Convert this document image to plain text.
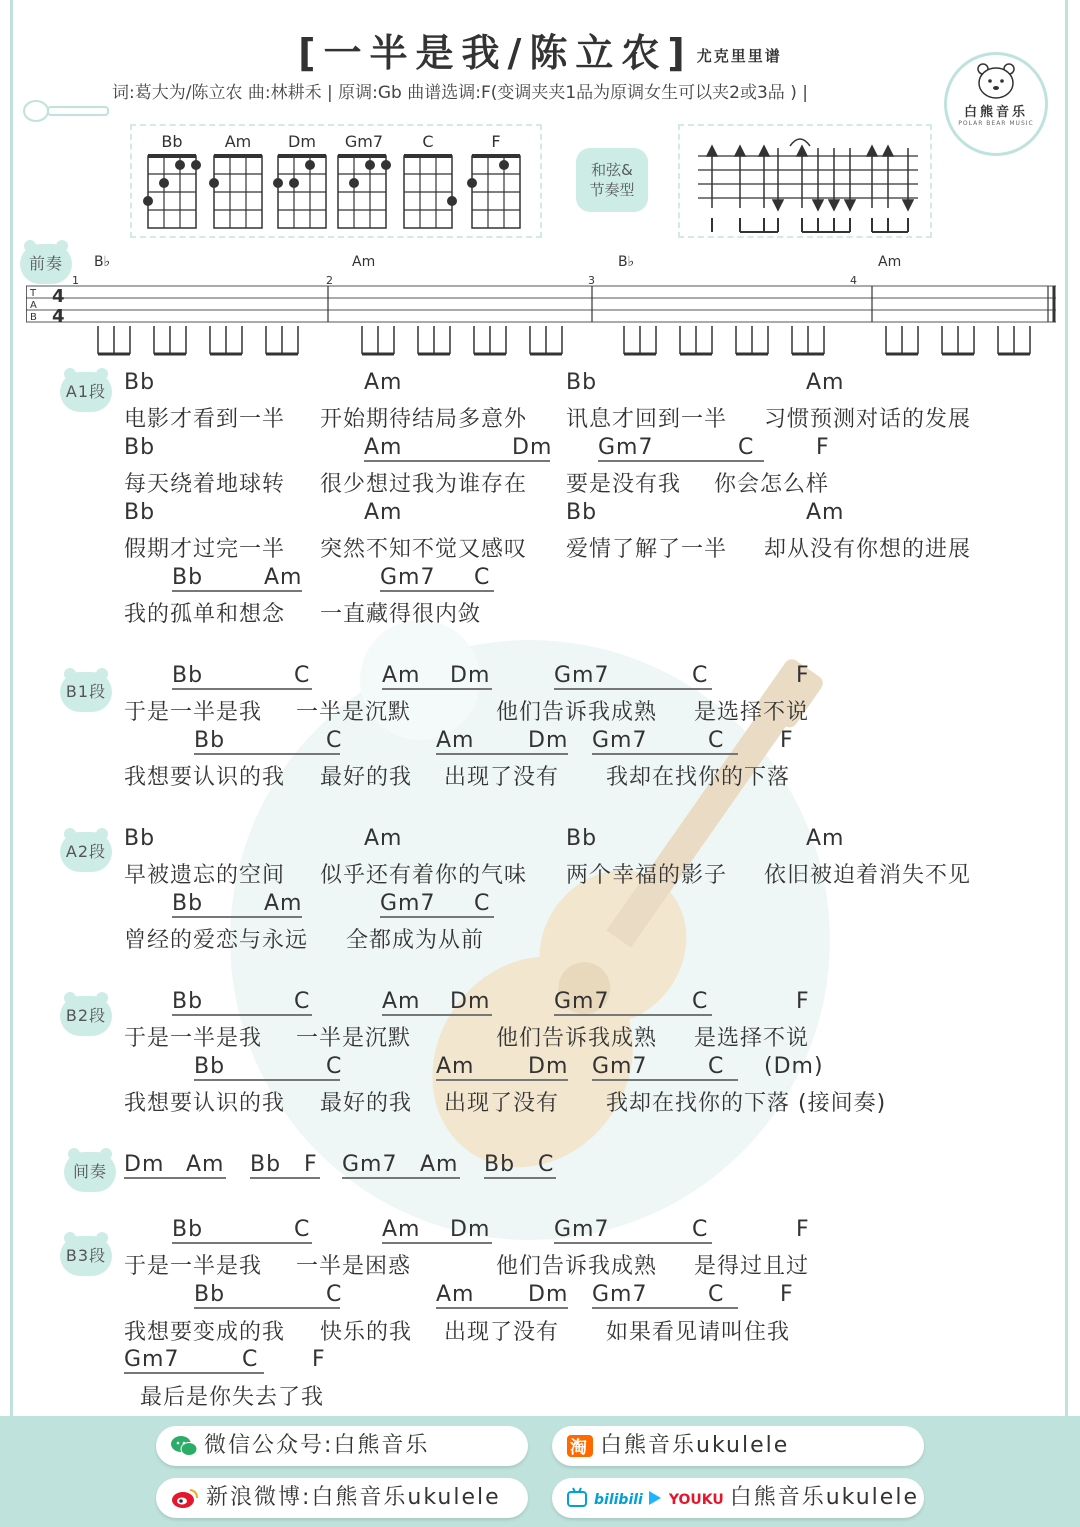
[一半是我/陈立农] 尤克里里谱
词:葛大为/陈立农 曲:林耕禾 | 原调:Gb 曲谱选调:F(变调夹夹1品为原调女生可以夹2或3品 ) |
白熊音乐
POLAR BEAR MUSIC
Bb	Am	Dm	Gm7	C	F
和弦&
节奏型
前奏
T
A
B
4
4
1	2	3	4
B♭	Am	B♭	Am
A1段
B1段
A2段
B2段
间奏
B3段
Bb	Am	Bb	Am
电影才看到一半 开始期待结局多意外 讯息才回到一半 习惯预测对话的发展
Bb	Am	Dm Gm7	C	F
每天绕着地球转 很少想过我为谁存在 要是没有我 你会怎么样
Bb	Am	Bb	Am
假期才过完一半 突然不知不觉又感叹 爱情了解了一半 却从没有你想的进展
Bb	Am	Gm7 C
我的孤单和想念 一直藏得很内敛
Bb	C	Am Dm	Gm7	C	F
于是一半是我 一半是沉默	他们告诉我成熟 是选择不说
Bb	C	Am Dm Gm7	C	F
我想要认识的我 最好的我 出现了没有 我却在找你的下落
Bb	Am	Bb	Am
早被遗忘的空间 似乎还有着你的气味 两个幸福的影子 依旧被迫着消失不见
Bb	Am	Gm7 C
曾经的爱恋与永远 全都成为从前
Bb	C	Am Dm	Gm7	C	F
于是一半是我 一半是沉默	他们告诉我成熟 是选择不说
Bb	C	Am Dm Gm7	C (Dm)
我想要认识的我 最好的我 出现了没有 我却在找你的下落 (接间奏)
Dm Am Bb F Gm7 Am Bb C
Bb	C	Am Dm	Gm7	C	F
于是一半是我 一半是困惑	他们告诉我成熟 是得过且过
Bb	C	Am Dm Gm7	C	F
我想要变成的我 快乐的我 出现了没有 如果看见请叫住我
Gm7	C F
最后是你失去了我
微信公众号:白熊音乐	淘 白熊音乐ukulele
新浪微博:白熊音乐ukulele	bilibili YOUKU 白熊音乐ukulele
